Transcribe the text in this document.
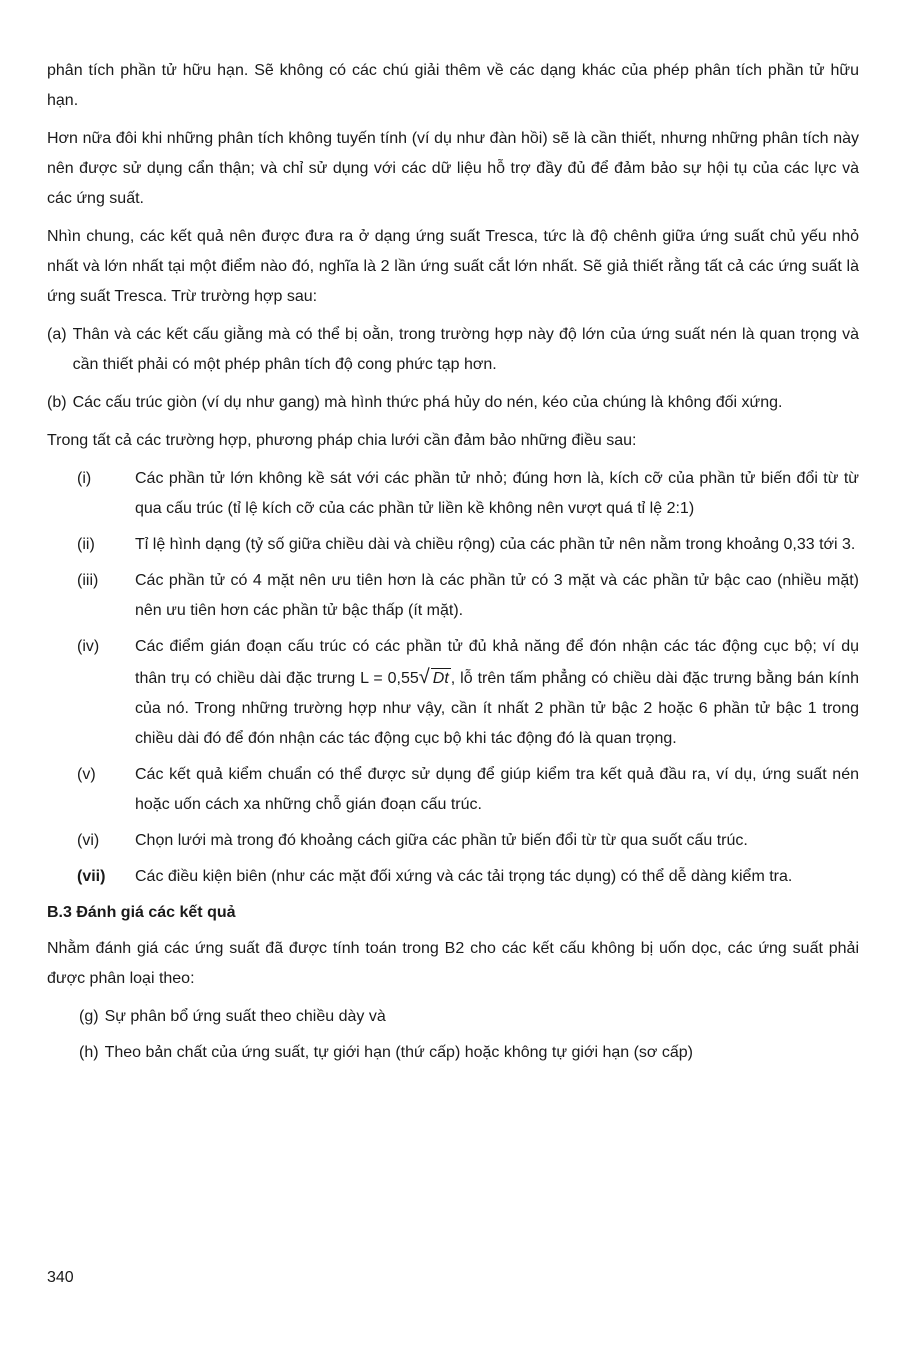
phân tích phần tử hữu hạn. Sẽ không có các chú giải thêm về các dạng khác của phép phân tích phần tử hữu hạn.

Hơn nữa đôi khi những phân tích không tuyến tính (ví dụ như đàn hồi) sẽ là cần thiết, nhưng những phân tích này nên được sử dụng cẩn thận; và chỉ sử dụng với các dữ liệu hỗ trợ đầy đủ để đảm bảo sự hội tụ của các lực và các ứng suất.

Nhìn chung, các kết quả nên được đưa ra ở dạng ứng suất Tresca, tức là độ chênh giữa ứng suất chủ yếu nhỏ nhất và lớn nhất tại một điểm nào đó, nghĩa là 2 lần ứng suất cắt lớn nhất. Sẽ giả thiết rằng tất cả các ứng suất là ứng suất Tresca. Trừ trường hợp sau:

(a) Thân và các kết cấu giằng mà có thể bị oằn, trong trường hợp này độ lớn của ứng suất nén là quan trọng và cần thiết phải có một phép phân tích độ cong phức tạp hơn.
(b) Các cấu trúc giòn (ví dụ như gang) mà hình thức phá hủy do nén, kéo của chúng là không đối xứng.

Trong tất cả các trường hợp, phương pháp chia lưới cần đảm bảo những điều sau:

(i)	Các phần tử lớn không kề sát với các phần tử nhỏ; đúng hơn là, kích cỡ của phần tử biến đổi từ từ qua cấu trúc (tỉ lệ kích cỡ của các phần tử liền kề không nên vượt quá tỉ lệ 2:1)
(ii)	Tỉ lệ hình dạng (tỷ số giữa chiều dài và chiều rộng) của các phần tử nên nằm trong khoảng 0,33 tới 3.
(iii)	Các phần tử có 4 mặt nên ưu tiên hơn là các phần tử có 3 mặt và các phần tử bậc cao (nhiều mặt) nên ưu tiên hơn các phần tử bậc thấp (ít mặt).
(iv)	Các điểm gián đoạn cấu trúc có các phần tử đủ khả năng để đón nhận các tác động cục bộ; ví dụ thân trụ có chiều dài đặc trưng L = 0,55√ Dt , lỗ trên tấm phẳng có chiều dài đặc trưng bằng bán kính của nó. Trong những trường hợp như vậy, cần ít nhất 2 phần tử bậc 2 hoặc 6 phần tử bậc 1 trong chiều dài đó để đón nhận các tác động cục bộ khi tác động đó là quan trọng.
(v)	Các kết quả kiểm chuẩn có thể được sử dụng để giúp kiểm tra kết quả đầu ra, ví dụ, ứng suất nén hoặc uốn cách xa những chỗ gián đoạn cấu trúc.
(vi)	Chọn lưới mà trong đó khoảng cách giữa các phần tử biến đổi từ từ qua suốt cấu trúc.
(vii)	Các điều kiện biên (như các mặt đối xứng và các tải trọng tác dụng) có thể dễ dàng kiểm tra.
B.3 Đánh giá các kết quả

Nhằm đánh giá các ứng suất đã được tính toán trong B2 cho các kết cấu không bị uốn dọc, các ứng suất phải được phân loại theo:

(g) Sự phân bổ ứng suất theo chiều dày và
(h) Theo bản chất của ứng suất, tự giới hạn (thứ cấp) hoặc không tự giới hạn (sơ cấp)
340
